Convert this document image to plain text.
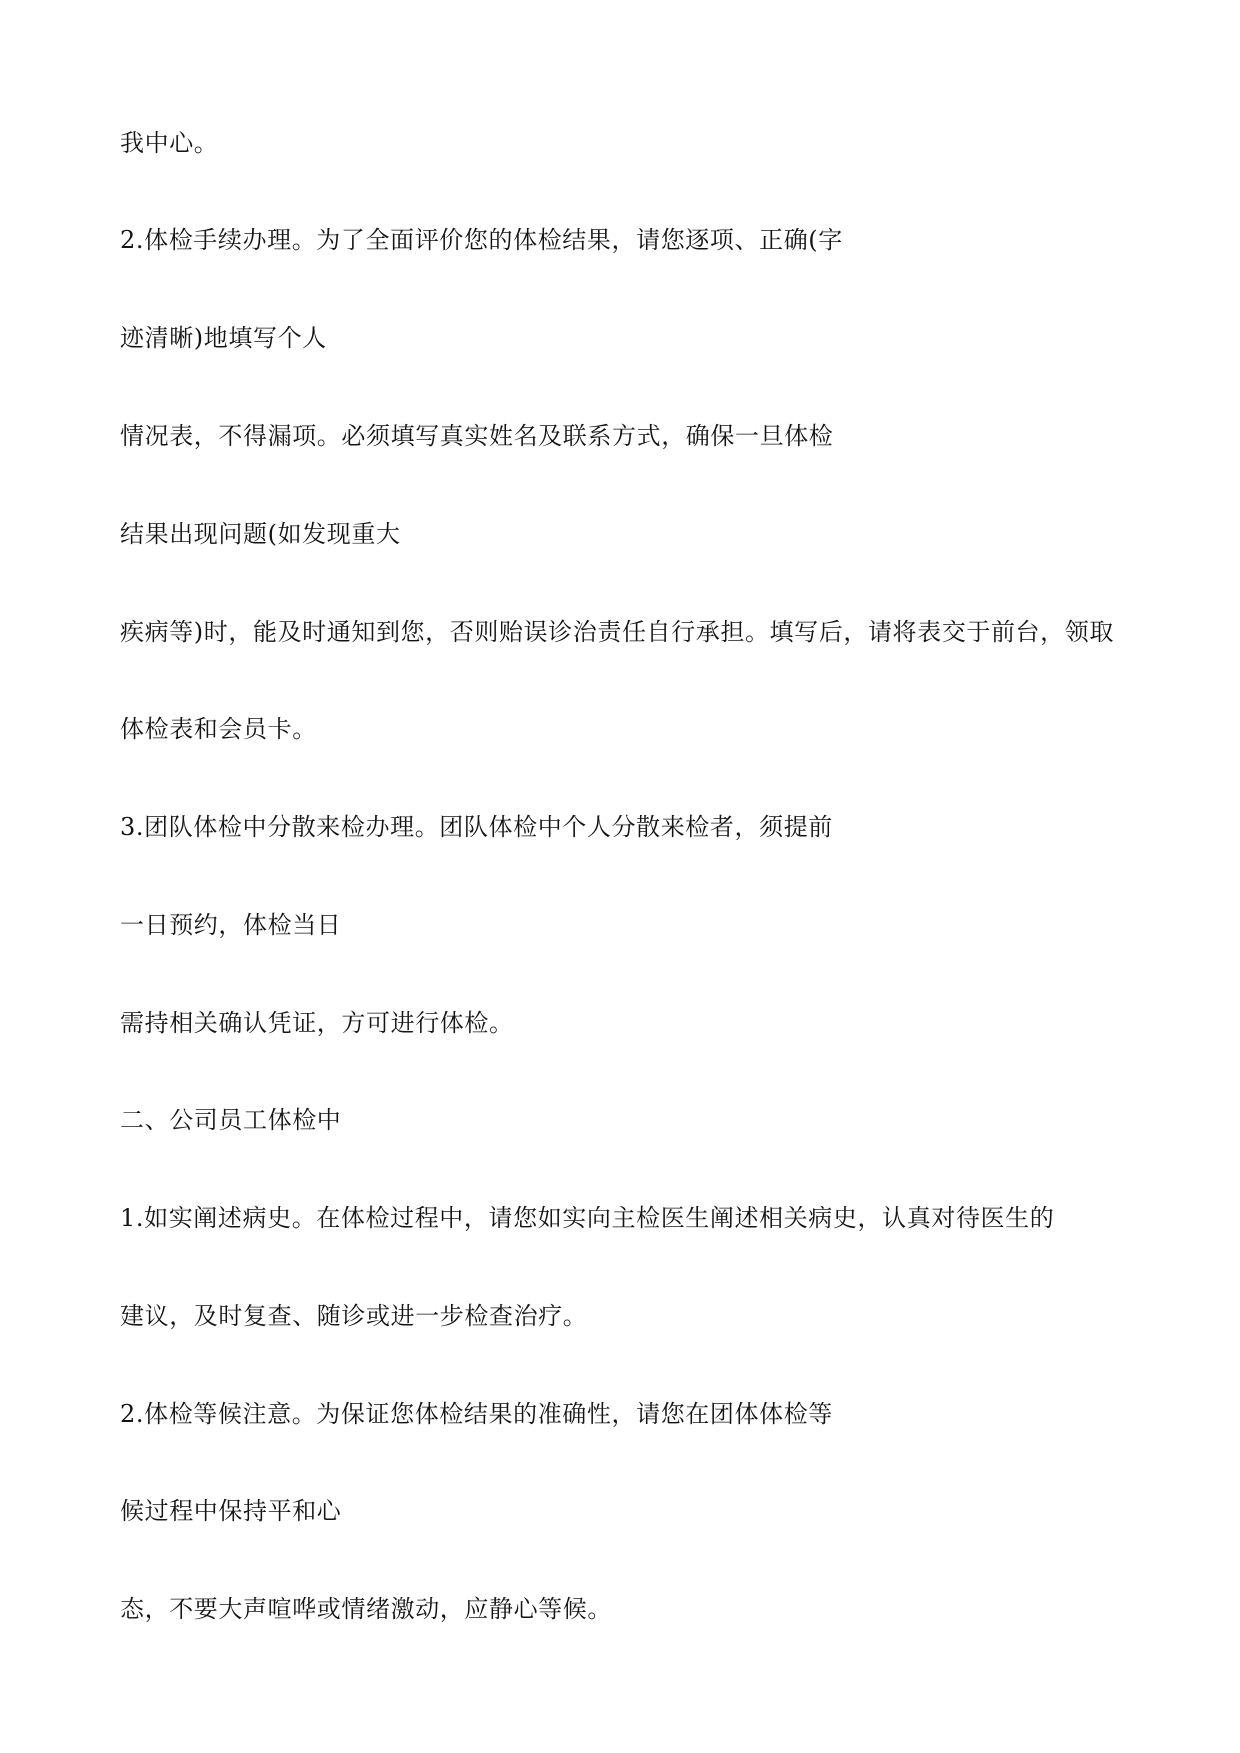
我中心。

2.体检手续办理。为了全面评价您的体检结果，请您逐项、正确(字

迹清晰)地填写个人

情况表，不得漏项。必须填写真实姓名及联系方式，确保一旦体检

结果出现问题(如发现重大

疾病等)时，能及时通知到您，否则贻误诊治责任自行承担。填写后，请将表交于前台，领取

体检表和会员卡。

3.团队体检中分散来检办理。团队体检中个人分散来检者，须提前

一日预约，体检当日

需持相关确认凭证，方可进行体检。

二、公司员工体检中

1.如实阐述病史。在体检过程中，请您如实向主检医生阐述相关病史，认真对待医生的

建议，及时复查、随诊或进一步检查治疗。

2.体检等候注意。为保证您体检结果的准确性，请您在团体体检等

候过程中保持平和心

态，不要大声喧哗或情绪激动，应静心等候。
